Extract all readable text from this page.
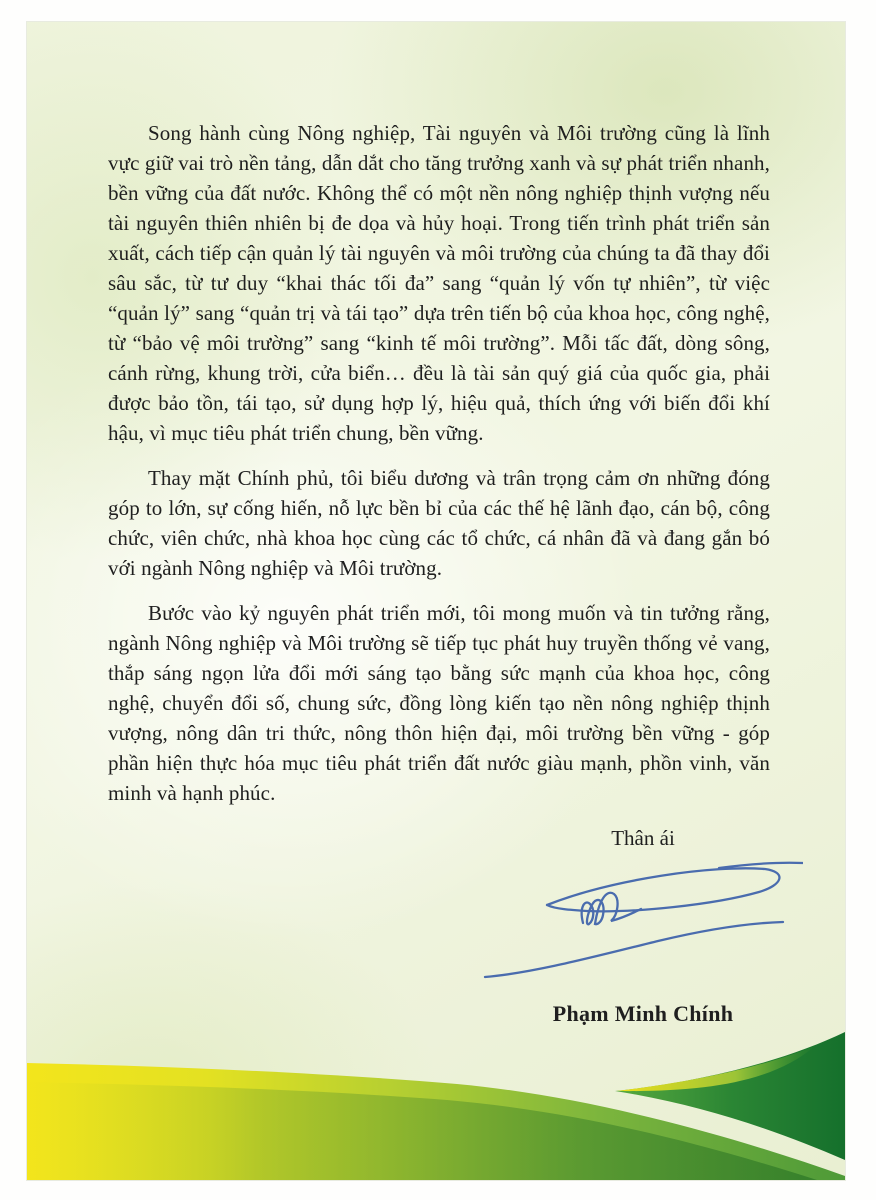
Song hành cùng Nông nghiệp, Tài nguyên và Môi trường cũng là lĩnh vực giữ vai trò nền tảng, dẫn dắt cho tăng trưởng xanh và sự phát triển nhanh, bền vững của đất nước. Không thể có một nền nông nghiệp thịnh vượng nếu tài nguyên thiên nhiên bị đe dọa và hủy hoại. Trong tiến trình phát triển sản xuất, cách tiếp cận quản lý tài nguyên và môi trường của chúng ta đã thay đổi sâu sắc, từ tư duy “khai thác tối đa” sang “quản lý vốn tự nhiên”, từ việc “quản lý” sang “quản trị và tái tạo” dựa trên tiến bộ của khoa học, công nghệ, từ “bảo vệ môi trường” sang “kinh tế môi trường”. Mỗi tấc đất, dòng sông, cánh rừng, khung trời, cửa biển… đều là tài sản quý giá của quốc gia, phải được bảo tồn, tái tạo, sử dụng hợp lý, hiệu quả, thích ứng với biến đổi khí hậu, vì mục tiêu phát triển chung, bền vững.

Thay mặt Chính phủ, tôi biểu dương và trân trọng cảm ơn những đóng góp to lớn, sự cống hiến, nỗ lực bền bỉ của các thế hệ lãnh đạo, cán bộ, công chức, viên chức, nhà khoa học cùng các tổ chức, cá nhân đã và đang gắn bó với ngành Nông nghiệp và Môi trường.

Bước vào kỷ nguyên phát triển mới, tôi mong muốn và tin tưởng rằng, ngành Nông nghiệp và Môi trường sẽ tiếp tục phát huy truyền thống vẻ vang, thắp sáng ngọn lửa đổi mới sáng tạo bằng sức mạnh của khoa học, công nghệ, chuyển đổi số, chung sức, đồng lòng kiến tạo nền nông nghiệp thịnh vượng, nông dân tri thức, nông thôn hiện đại, môi trường bền vững - góp phần hiện thực hóa mục tiêu phát triển đất nước giàu mạnh, phồn vinh, văn minh và hạnh phúc.

Thân ái
Phạm Minh Chính
